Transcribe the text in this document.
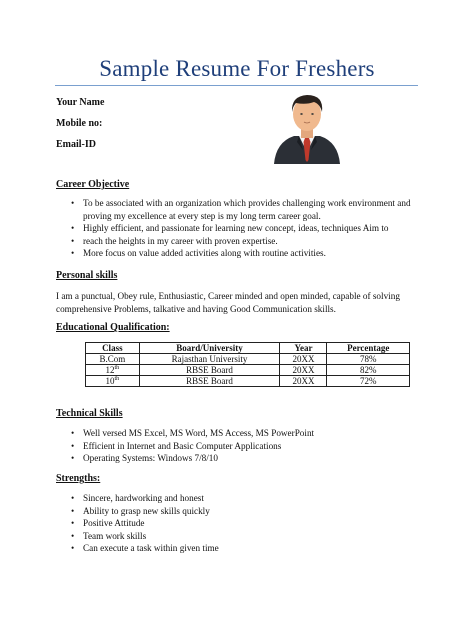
Sample Resume For Freshers
Your Name
Mobile no:
Email-ID
Career Objective
• To be associated with an organization which provides challenging work environment and proving my excellence at every step is my long term career goal.
• Highly efficient, and passionate for learning new concept, ideas, techniques Aim to
• reach the heights in my career with proven expertise.
• More focus on value added activities along with routine activities.
Personal skills
I am a punctual, Obey rule, Enthusiastic, Career minded and open minded, capable of solving comprehensive Problems, talkative and having Good Communication skills.
Educational Qualification:
Class	Board/University	Year	Percentage
B.Com	Rajasthan University	20XX	78%
12th	RBSE Board	20XX	82%
10th	RBSE Board	20XX	72%
Technical Skills
• Well versed MS Excel, MS Word, MS Access, MS PowerPoint
• Efficient in Internet and Basic Computer Applications
• Operating Systems: Windows 7/8/10
Strengths:
• Sincere, hardworking and honest
• Ability to grasp new skills quickly
• Positive Attitude
• Team work skills
• Can execute a task within given time
